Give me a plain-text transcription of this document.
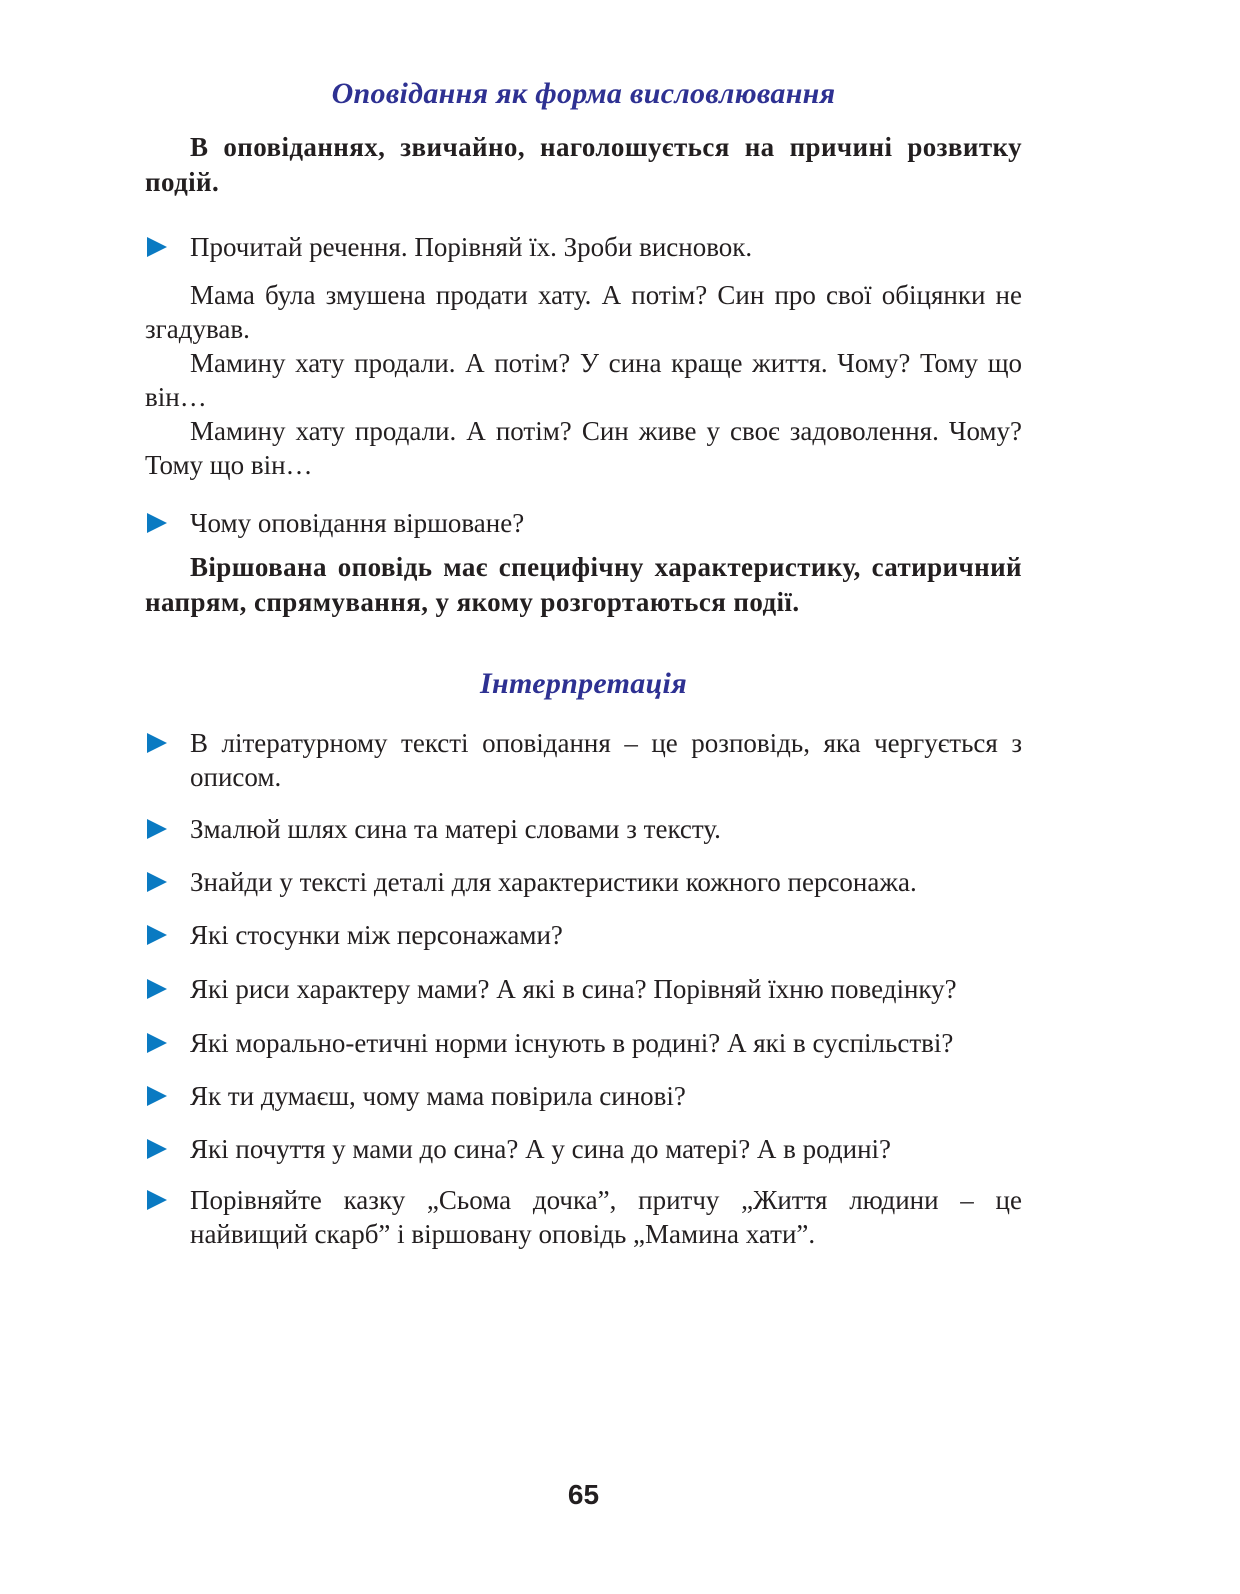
Оповідання як форма висловлювання
В оповіданнях, звичайно, наголошується на причині розвитку подій.
Прочитай речення. Порівняй їх. Зроби висновок.
Мама була змушена продати хату. А потім? Син про свої обіцянки не згадував.
Мамину хату продали. А потім? У сина краще життя. Чому? Тому що він…
Мамину хату продали. А потім? Син живе у своє задоволення. Чому? Тому що він…
Чому оповідання віршоване?
Віршована оповідь має специфічну характеристику, сатиричний напрям, спрямування, у якому розгортаються події.
Інтерпретація
В літературному тексті оповідання – це розповідь, яка чергується з описом.
Змалюй шлях сина та матері словами з тексту.
Знайди у тексті деталі для характеристики кожного персонажа.
Які стосунки між персонажами?
Які риси характеру мами? А які в сина? Порівняй їхню поведінку?
Які морально-етичні норми існують в родині? А які в суспільстві?
Як ти думаєш, чому мама повірила синові?
Які почуття у мами до сина? А у сина до матері? А в родині?
Порівняйте казку „Сьома дочка”, притчу „Життя людини – це найвищий скарб” і віршовану оповідь „Мамина хати”.
65
